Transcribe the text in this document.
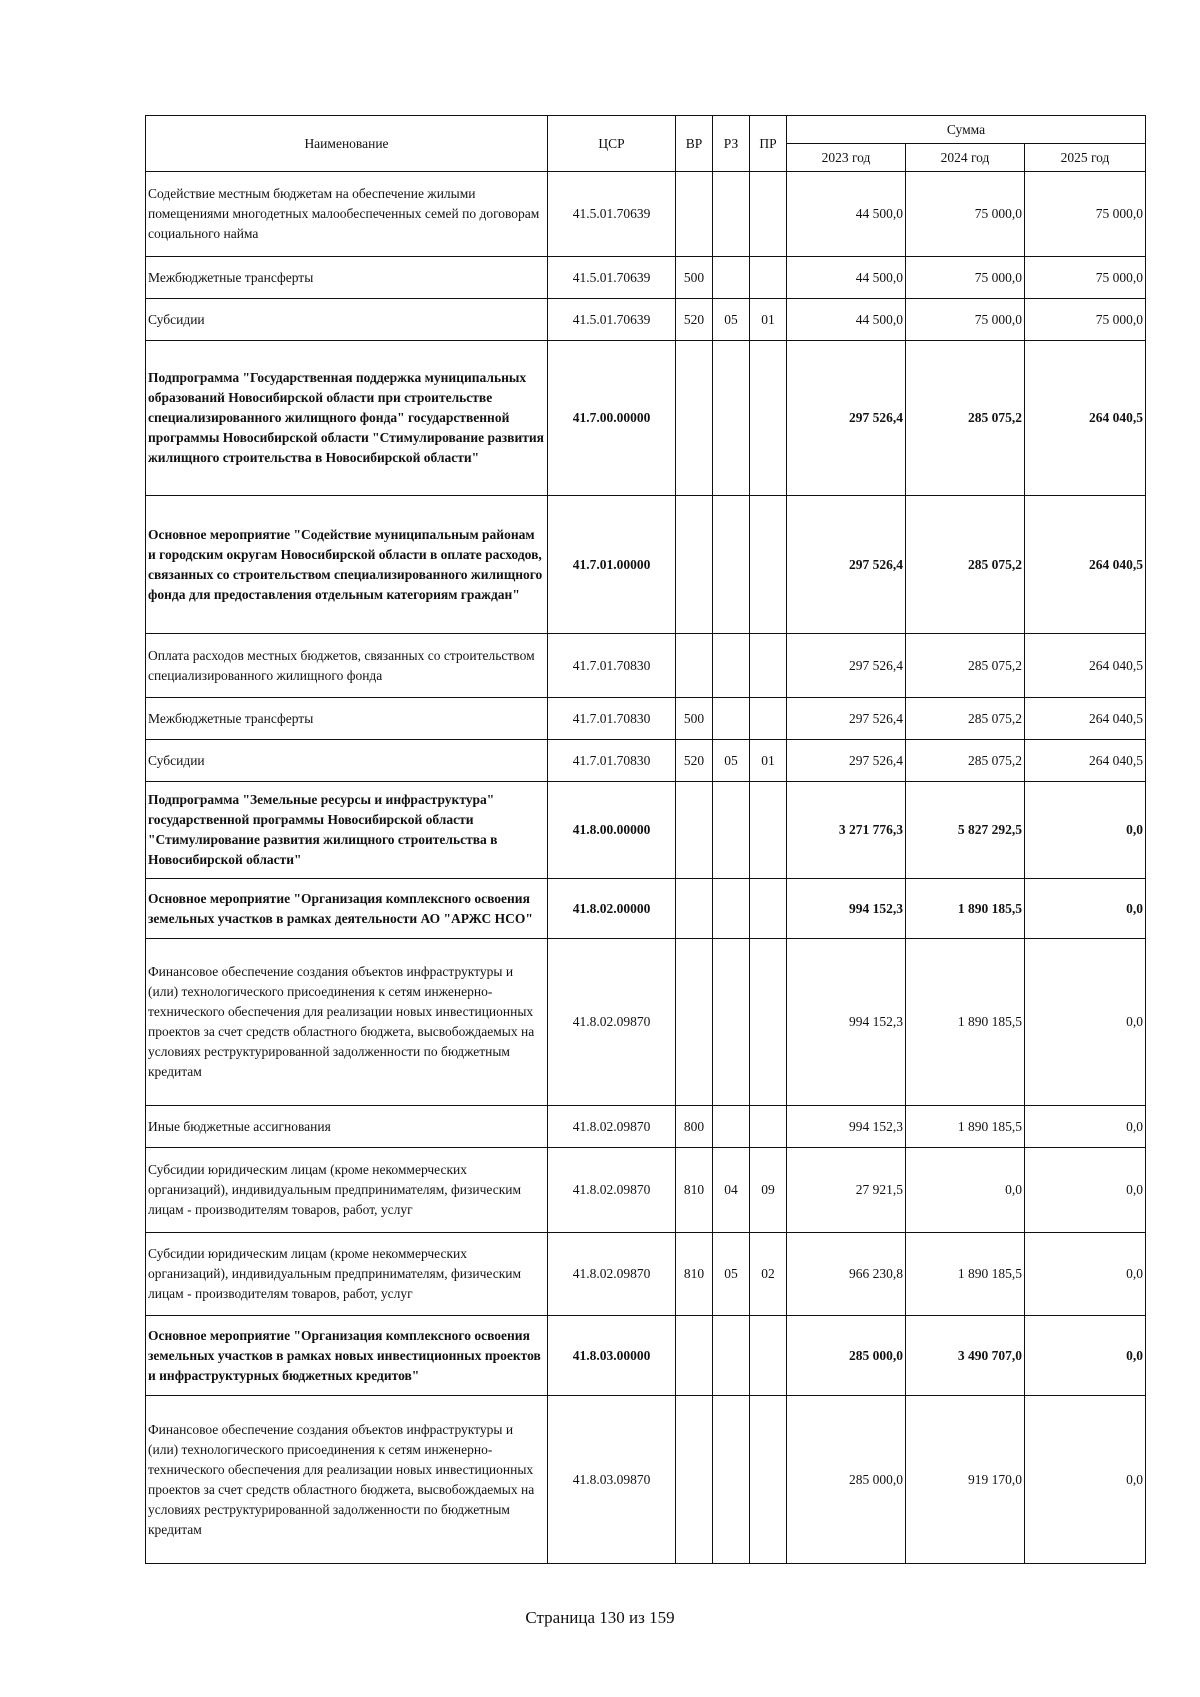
Наименование	ЦСР	ВР	РЗ	ПР	Сумма		
					2023 год	2024 год	2025 год
Содействие местным бюджетам на обеспечение жилыми помещениями многодетных малообеспеченных семей по договорам социального найма	41.5.01.70639				44 500,0	75 000,0	75 000,0
Межбюджетные трансферты	41.5.01.70639	500			44 500,0	75 000,0	75 000,0
Субсидии	41.5.01.70639	520	05	01	44 500,0	75 000,0	75 000,0
Подпрограмма "Государственная поддержка муниципальных образований Новосибирской области при строительстве специализированного жилищного фонда" государственной программы Новосибирской области "Стимулирование развития жилищного строительства в Новосибирской области"	41.7.00.00000				297 526,4	285 075,2	264 040,5
Основное мероприятие "Содействие муниципальным районам и городским округам Новосибирской области в оплате расходов, связанных со строительством специализированного жилищного фонда для предоставления отдельным категориям граждан"	41.7.01.00000				297 526,4	285 075,2	264 040,5
Оплата расходов местных бюджетов, связанных со строительством специализированного жилищного фонда	41.7.01.70830				297 526,4	285 075,2	264 040,5
Межбюджетные трансферты	41.7.01.70830	500			297 526,4	285 075,2	264 040,5
Субсидии	41.7.01.70830	520	05	01	297 526,4	285 075,2	264 040,5
Подпрограмма "Земельные ресурсы и инфраструктура" государственной программы Новосибирской области "Стимулирование развития жилищного строительства в Новосибирской области"	41.8.00.00000				3 271 776,3	5 827 292,5	0,0
Основное мероприятие "Организация комплексного освоения земельных участков в рамках деятельности АО "АРЖС НСО"	41.8.02.00000				994 152,3	1 890 185,5	0,0
Финансовое обеспечение создания объектов инфраструктуры и (или) технологического присоединения к сетям инженерно-технического обеспечения для реализации новых инвестиционных проектов за счет средств областного бюджета, высвобождаемых на условиях реструктурированной задолженности по бюджетным кредитам	41.8.02.09870				994 152,3	1 890 185,5	0,0
Иные бюджетные ассигнования	41.8.02.09870	800			994 152,3	1 890 185,5	0,0
Субсидии юридическим лицам (кроме некоммерческих организаций), индивидуальным предпринимателям, физическим лицам - производителям товаров, работ, услуг	41.8.02.09870	810	04	09	27 921,5	0,0	0,0
Субсидии юридическим лицам (кроме некоммерческих организаций), индивидуальным предпринимателям, физическим лицам - производителям товаров, работ, услуг	41.8.02.09870	810	05	02	966 230,8	1 890 185,5	0,0
Основное мероприятие "Организация комплексного освоения земельных участков в рамках новых инвестиционных проектов и инфраструктурных бюджетных кредитов"	41.8.03.00000				285 000,0	3 490 707,0	0,0
Финансовое обеспечение создания объектов инфраструктуры и (или) технологического присоединения к сетям инженерно-технического обеспечения для реализации новых инвестиционных проектов за счет средств областного бюджета, высвобождаемых на условиях реструктурированной задолженности по бюджетным кредитам	41.8.03.09870				285 000,0	919 170,0	0,0
Страница 130 из 159
